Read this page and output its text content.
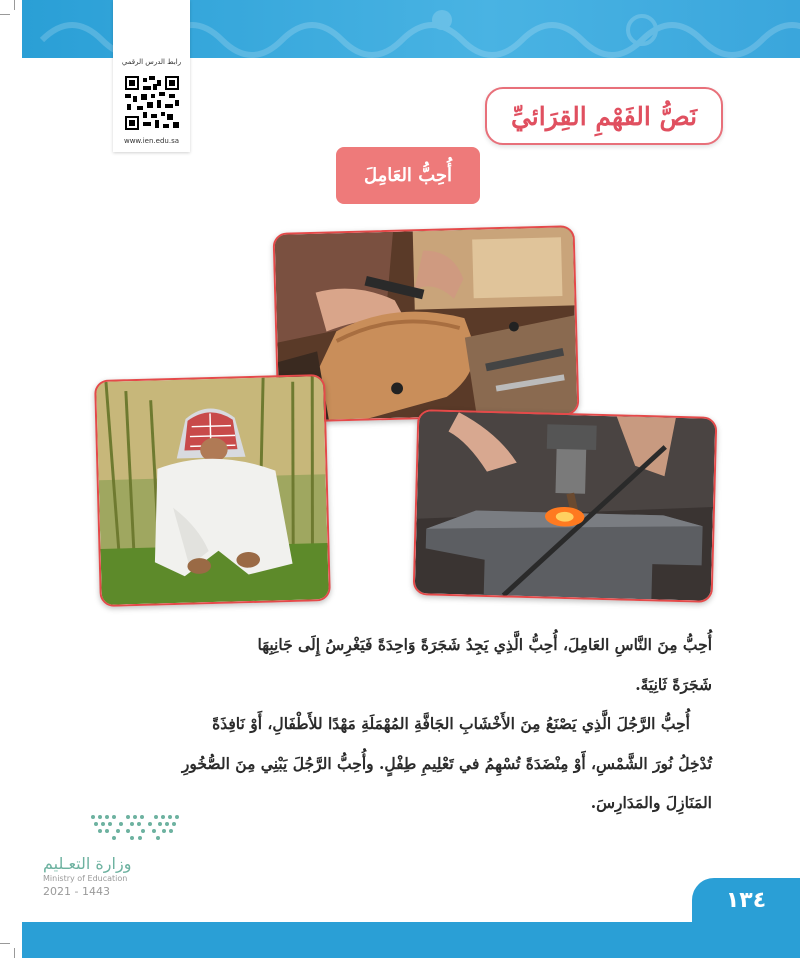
رابط الدرس الرقمي
www.ien.edu.sa
نَصُّ الفَهْمِ القِرَائيِّ
أُحِبُّ العَامِلَ

أُحِبُّ مِنَ النَّاسِ العَامِلَ، أُحِبُّ الَّذِي يَجِدُ شَجَرَةً وَاحِدَةً فَيَغْرِسُ إِلَى جَانِبِهَا

شَجَرَةً ثَانِيَةً.

أُحِبُّ الرَّجُلَ الَّذِي يَصْنَعُ مِنَ الأَخْشَابِ الجَافَّةِ المُهْمَلَةِ مَهْدًا للأَطْفَالِ، أَوْ نَافِذَةً

تُدْخِلُ نُورَ الشَّمْسِ، أَوْ مِنْضَدَةً تُسْهِمُ في تَعْلِيمِ طِفْلٍ. وأُحِبُّ الرَّجُلَ يَبْنِي مِنَ الصُّخُورِ

المَنَازِلَ والمَدَارِسَ.

وزارة التعـليم
Ministry of Education
2021 - 1443	١٣٤
